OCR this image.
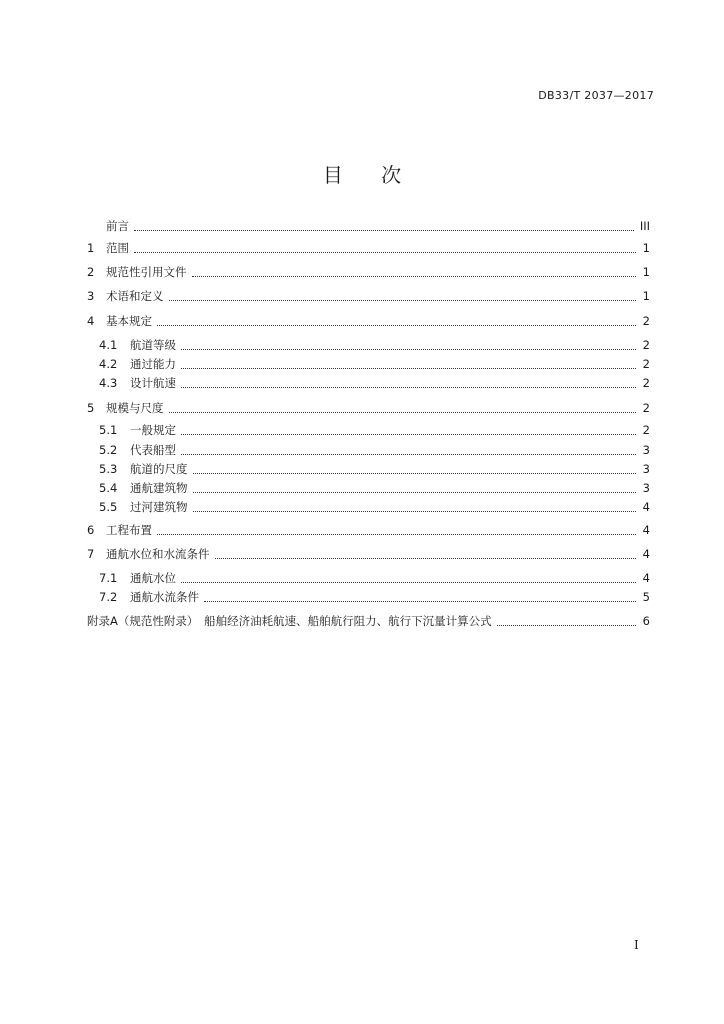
DB33/T 2037—2017
目 次
前言	III
1	范围	1
2	规范性引用文件	1
3	术语和定义	1
4	基本规定	2
4.1	航道等级	2
4.2	通过能力	2
4.3	设计航速	2
5	规模与尺度	2
5.1	一般规定	2
5.2	代表船型	3
5.3	航道的尺度	3
5.4	通航建筑物	3
5.5	过河建筑物	4
6	工程布置	4
7	通航水位和水流条件	4
7.1	通航水位	4
7.2	通航水流条件	5
附录A（规范性附录）　船舶经济油耗航速、船舶航行阻力、航行下沉量计算公式	6
I
